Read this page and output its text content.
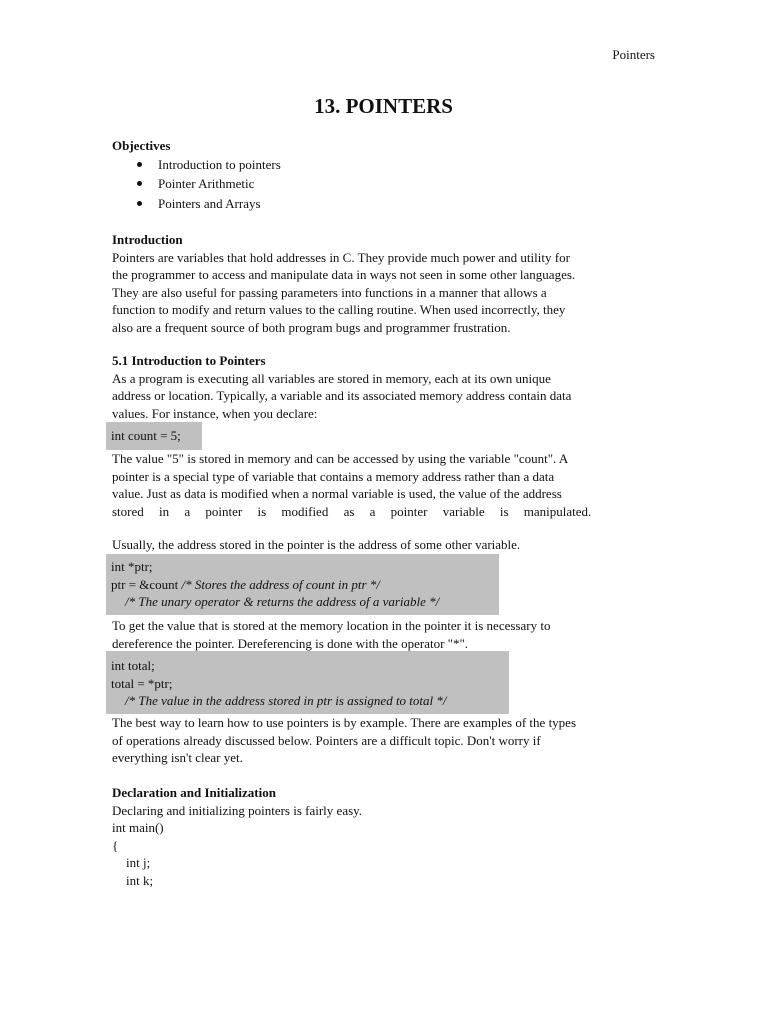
Pointers
13. POINTERS

Objectives

Introduction to pointers
Pointer Arithmetic
Pointers and Arrays

Introduction

Pointers are variables that hold addresses in C. They provide much power and utility for

the programmer to access and manipulate data in ways not seen in some other languages.

They are also useful for passing parameters into functions in a manner that allows a

function to modify and return values to the calling routine. When used incorrectly, they

also are a frequent source of both program bugs and programmer frustration.

5.1 Introduction to Pointers

As a program is executing all variables are stored in memory, each at its own unique

address or location. Typically, a variable and its associated memory address contain data

values. For instance, when you declare:

int count = 5;

The value "5" is stored in memory and can be accessed by using the variable "count". A

pointer is a special type of variable that contains a memory address rather than a data

value. Just as data is modified when a normal variable is used, the value of the address

stored in a pointer is modified as a pointer variable is manipulated.

Usually, the address stored in the pointer is the address of some other variable.

int *ptr;
ptr = &count /* Stores the address of count in ptr */
/* The unary operator & returns the address of a variable */

To get the value that is stored at the memory location in the pointer it is necessary to

dereference the pointer. Dereferencing is done with the operator "*".

int total;
total = *ptr;
/* The value in the address stored in ptr is assigned to total */

The best way to learn how to use pointers is by example. There are examples of the types

of operations already discussed below. Pointers are a difficult topic. Don't worry if

everything isn't clear yet.

Declaration and Initialization

Declaring and initializing pointers is fairly easy.

int main()
{
int j;
int k;
